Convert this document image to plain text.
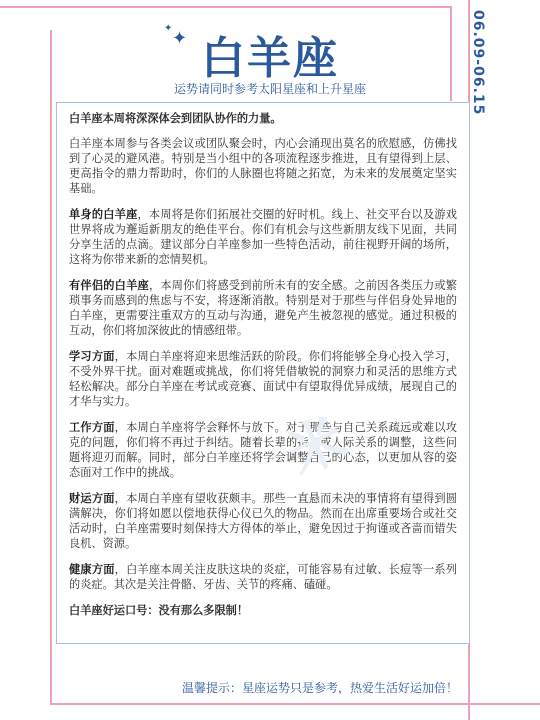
✦ ✦ 白羊座
运势请同时参考太阳星座和上升星座	06.09-06.15
米

白羊座本周将深深体会到团队协作的力量。

白羊座本周参与各类会议或团队聚会时，内心会涌现出莫名的欣慰感，仿佛找到了心灵的避风港。特别是当小组中的各项流程逐步推进，且有望得到上层、更高指令的鼎力帮助时，你们的人脉圈也将随之拓宽，为未来的发展奠定坚实基础。

单身的白羊座，本周将是你们拓展社交圈的好时机。线上、社交平台以及游戏世界将成为邂逅新朋友的绝佳平台。你们有机会与这些新朋友线下见面，共同分享生活的点滴。建议部分白羊座参加一些特色活动，前往视野开阔的场所，这将为你带来新的恋情契机。

有伴侣的白羊座，本周你们将感受到前所未有的安全感。之前因各类压力或繁琐事务而感到的焦虑与不安，将逐渐消散。特别是对于那些与伴侣身处异地的白羊座，更需要注重双方的互动与沟通，避免产生被忽视的感觉。通过积极的互动，你们将加深彼此的情感纽带。

学习方面，本周白羊座将迎来思维活跃的阶段。你们将能够全身心投入学习，不受外界干扰。面对难题或挑战，你们将凭借敏锐的洞察力和灵活的思维方式轻松解决。部分白羊座在考试或竞赛、面试中有望取得优异成绩，展现自己的才华与实力。

工作方面，本周白羊座将学会释怀与放下。对于那些与自己关系疏远或难以攻克的问题，你们将不再过于纠结。随着长辈的指点或人际关系的调整，这些问题将迎刃而解。同时，部分白羊座还将学会调整自己的心态，以更加从容的姿态面对工作中的挑战。

财运方面，本周白羊座有望收获颇丰。那些一直悬而未决的事情将有望得到圆满解决，你们将如愿以偿地获得心仪已久的物品。然而在出席重要场合或社交活动时，白羊座需要时刻保持大方得体的举止，避免因过于拘谨或吝啬而错失良机、资源。

健康方面，白羊座本周关注皮肤这块的炎症，可能容易有过敏、长痘等一系列的炎症。其次是关注骨骼、牙齿、关节的疼痛、磕碰。

白羊座好运口号：没有那么多限制！

温馨提示：星座运势只是参考，热爱生活好运加倍！
